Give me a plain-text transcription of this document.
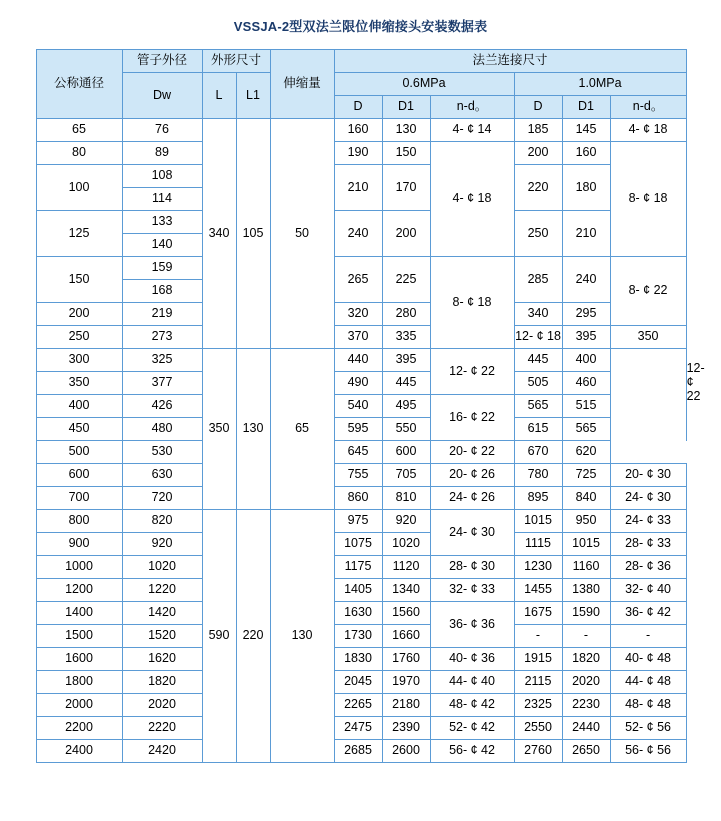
VSSJA-2型双法兰限位伸缩接头安装数据表
公称通径	管子外径	外形尺寸		伸缩量	法兰连接尺寸						
	Dw	L	L1		0.6MPa			1.0MPa			
					D	D1	n-d。	D	D1	n-d。	
65	76	340	105	50	160	130	4- ¢ 14	185	145	4- ¢ 18	
80	89				190	150	4- ¢ 18	200	160	8- ¢ 18	
100	108				210	170		220	180		
	114										
125	133				240	200		250	210		
	140										
150	159				265	225	8- ¢ 18	285	240	8- ¢ 22	
	168										
200	219				320	280		340	295		
250	273				370	335		12- ¢ 18	395	350	12- ¢ 22
300	325	350	130	65	440	395	12- ¢ 22	445	400		
350	377				490	445		505	460		
400	426				540	495	16- ¢ 22	565	515		
450	480				595	550		615	565		
500	530				645	600	20- ¢ 22	670	620		
600	630				755	705	20- ¢ 26	780	725	20- ¢ 30	
700	720				860	810	24- ¢ 26	895	840	24- ¢ 30	
800	820	590	220	130	975	920	24- ¢ 30	1015	950	24- ¢ 33	
900	920				1075	1020		1115	1015	28- ¢ 33	
1000	1020				1175	1120	28- ¢ 30	1230	1160	28- ¢ 36	
1200	1220				1405	1340	32- ¢ 33	1455	1380	32- ¢ 40	
1400	1420				1630	1560	36- ¢ 36	1675	1590	36- ¢ 42	
1500	1520				1730	1660		-	-	-	
1600	1620				1830	1760	40- ¢ 36	1915	1820	40- ¢ 48	
1800	1820				2045	1970	44- ¢ 40	2115	2020	44- ¢ 48	
2000	2020				2265	2180	48- ¢ 42	2325	2230	48- ¢ 48	
2200	2220				2475	2390	52- ¢ 42	2550	2440	52- ¢ 56	
2400	2420				2685	2600	56- ¢ 42	2760	2650	56- ¢ 56	
